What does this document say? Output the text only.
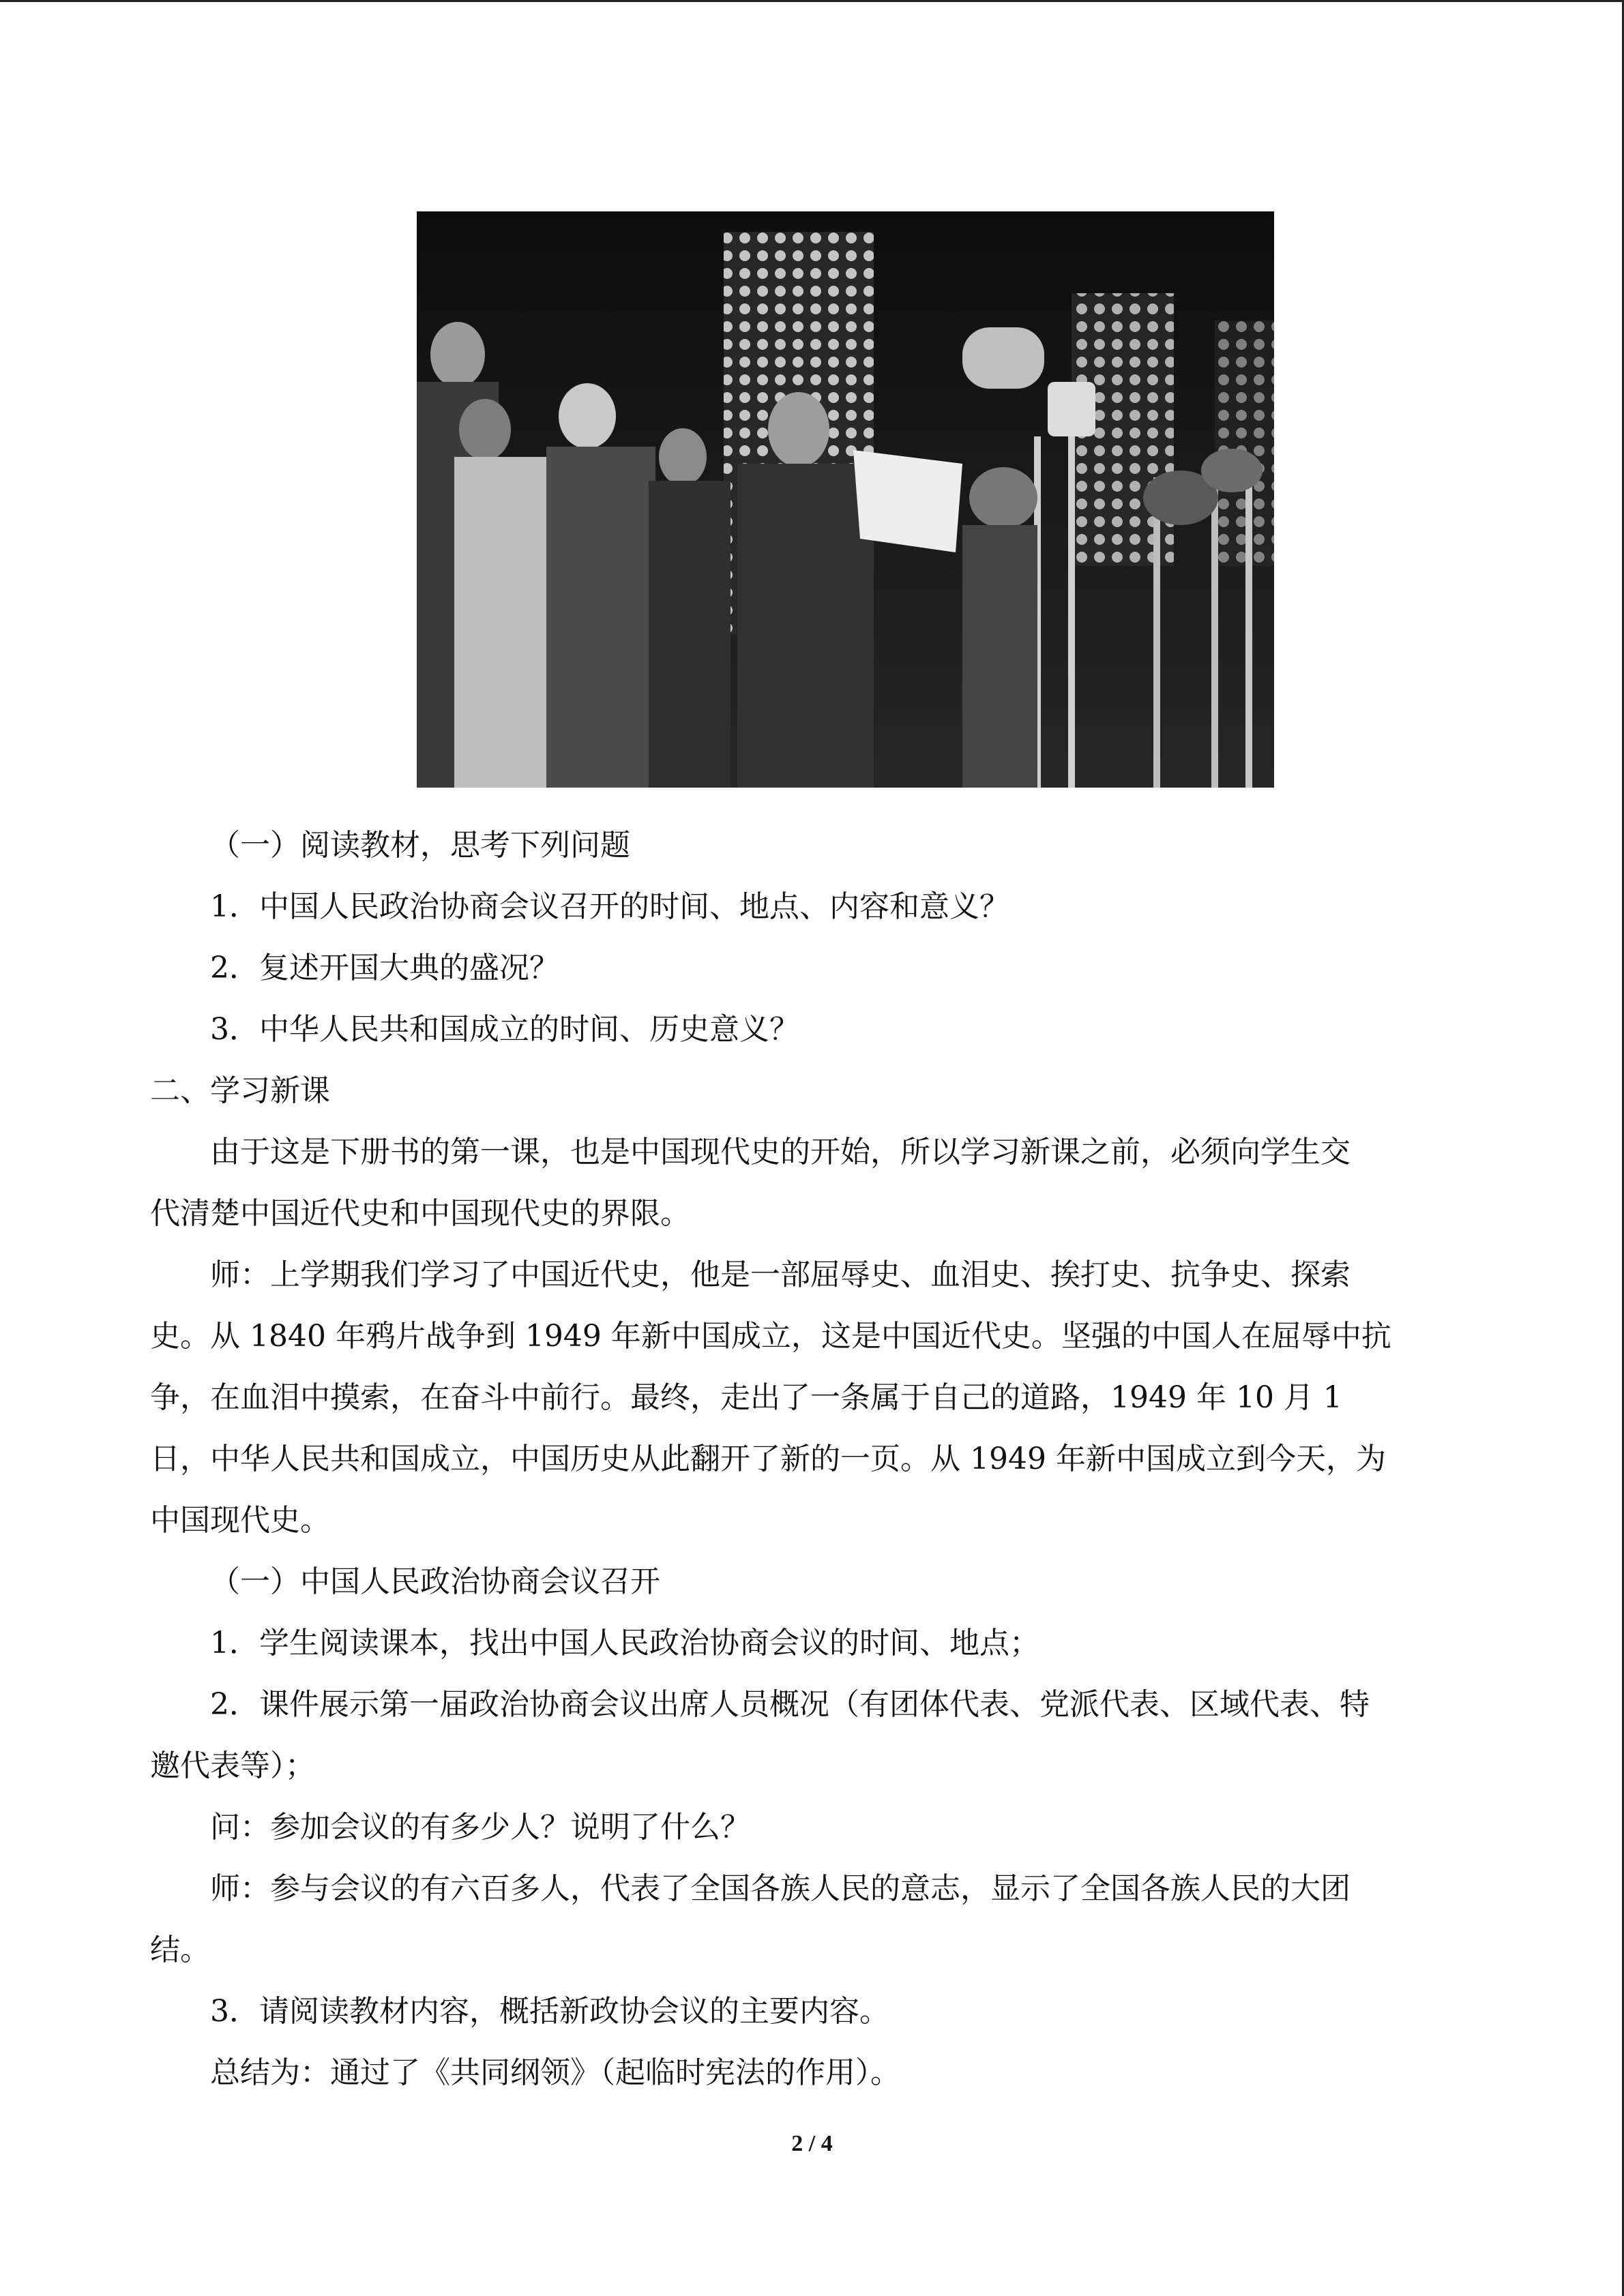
（一）阅读教材，思考下列问题
1．中国人民政治协商会议召开的时间、地点、内容和意义？
2．复述开国大典的盛况？
3．中华人民共和国成立的时间、历史意义？
二、学习新课
由于这是下册书的第一课，也是中国现代史的开始，所以学习新课之前，必须向学生交
代清楚中国近代史和中国现代史的界限。
师：上学期我们学习了中国近代史，他是一部屈辱史、血泪史、挨打史、抗争史、探索
史。从 1840 年鸦片战争到 1949 年新中国成立，这是中国近代史。坚强的中国人在屈辱中抗
争，在血泪中摸索，在奋斗中前行。最终，走出了一条属于自己的道路，1949 年 10 月 1
日，中华人民共和国成立，中国历史从此翻开了新的一页。从 1949 年新中国成立到今天，为
中国现代史。
（一）中国人民政治协商会议召开
1．学生阅读课本，找出中国人民政治协商会议的时间、地点；
2．课件展示第一届政治协商会议出席人员概况（有团体代表、党派代表、区域代表、特
邀代表等）；
问：参加会议的有多少人？说明了什么？
师：参与会议的有六百多人，代表了全国各族人民的意志，显示了全国各族人民的大团
结。
3．请阅读教材内容，概括新政协会议的主要内容。
总结为：通过了《共同纲领》（起临时宪法的作用）。
2 / 4
